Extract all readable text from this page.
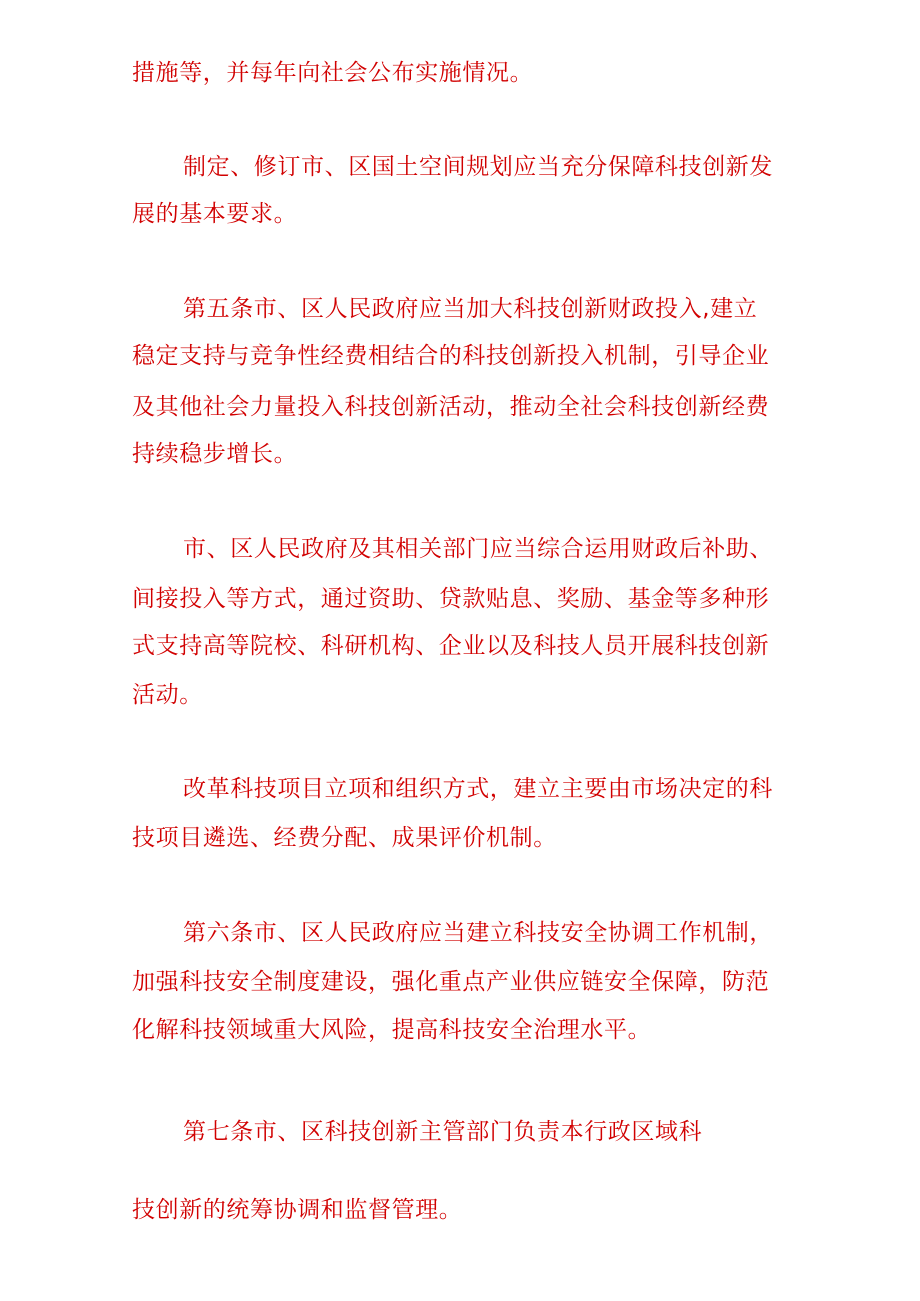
措施等，并每年向社会公布实施情况。

制定、修订市、区国土空间规划应当充分保障科技创新发

展的基本要求。

第五条市、区人民政府应当加大科技创新财政投入,建立

稳定支持与竞争性经费相结合的科技创新投入机制，引导企业

及其他社会力量投入科技创新活动，推动全社会科技创新经费

持续稳步增长。

市、区人民政府及其相关部门应当综合运用财政后补助、

间接投入等方式，通过资助、贷款贴息、奖励、基金等多种形

式支持高等院校、科研机构、企业以及科技人员开展科技创新

活动。

改革科技项目立项和组织方式，建立主要由市场决定的科

技项目遴选、经费分配、成果评价机制。

第六条市、区人民政府应当建立科技安全协调工作机制，

加强科技安全制度建设，强化重点产业供应链安全保障，防范

化解科技领域重大风险，提高科技安全治理水平。

第七条市、区科技创新主管部门负责本行政区域科

技创新的统筹协调和监督管理。
